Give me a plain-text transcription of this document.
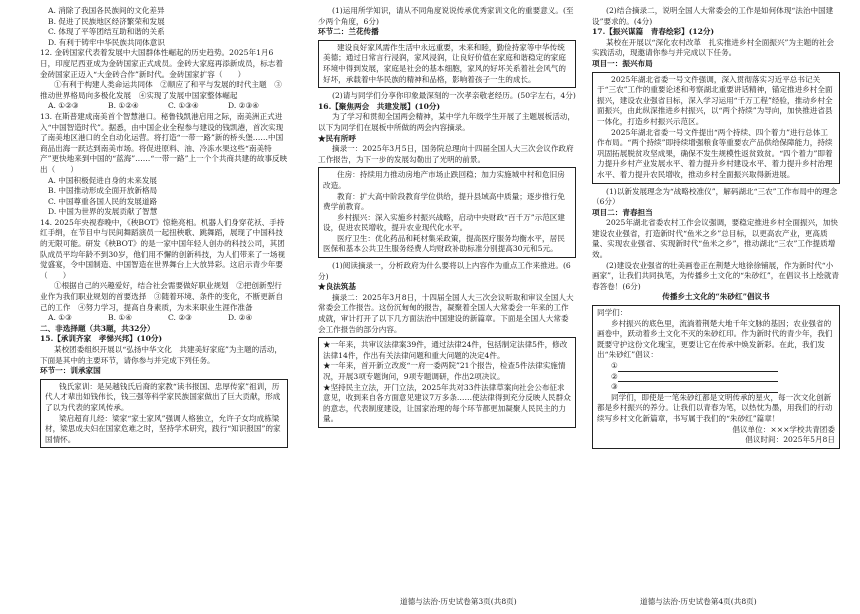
A. 消除了我国各民族间的文化差异

B. 促进了民族地区经济繁荣和发展

C. 体现了平等团结互助和谐的关系

D. 有利于铸牢中华民族共同体意识

12. 金砖国家代表着发展中大国群体性崛起的历史趋势。2025年1月6日，印度尼西亚成为金砖国家正式成员。金砖大家庭再添新成员，标志着金砖国家正迈入“大金砖合作”新时代。金砖国家扩容（　　）

①有利于构建人类命运共同体　②顺应了和平与发展的时代主题　③推动世界格局向多极化发展　④实现了发展中国家整体崛起

A. ①②③	B. ①②④	C. ①③④	D. ②③④

13. 在斯普建成南美首个智慧港口。秘鲁钱凯港启用之际，南美洲正式进入“中国智造时代”。据悉，由中国企业全程参与建设的钱凯港，首次实现了南美地区港口的全自动化运营。将打造“一带一路”新的桥头堡……中国商品出海一跃达到南美市场。将促进原料、油、冷冻水果这些“南美特产”更快地来到中国的“蓝海”……“一带一路”上一个个共商共建的故事反映出（　　）

A. 中国积极促进自身的未来发展

B. 中国推动形成全面开放新格局

C. 中国尊重各国人民的发展道路

D. 中国为世界的发展贡献了智慧

14. 2025年央视春晚中，《秧BOT》惊艳亮相。机器人们身穿花袄、手持红手绢，在节目中与民间舞蹈演员一起扭秧歌、跳舞蹈，展现了中国科技的无限可能。研发《秧BOT》的是一家中国年轻人创办的科技公司，其团队成员平均年龄不到30岁，他们用不懈的创新科技，为人们带来了一场视觉盛宴，令中国制造、中国智造在世界舞台上大放异彩。这启示青少年要（　　）

①根据自己的兴趣爱好，结合社会需要做好职业规划　②把创新型行业作为我们职业规划的首要选择　③随着环境、条件的变化，不断更新自己的工作　④努力学习，提高自身素质，为未来职业生涯作准备

A. ①③	B. ①④	C. ②③	D. ②④

二、非选择题（共3题，共32分）

15.【承训齐家　孝悌兴邦】(10分)

某校团委组织开展以“弘扬中华文化　共建美好家庭”为主题的活动，下面是其中的主要环节，请你参与并完成下列任务。

环节一：训承家国

钱氏家训：是吴越钱氏后裔的家教“读书报国、忠厚传家”祖训，历代人才辈出如钱伟长，钱三强等科学家民族国家做出了巨大贡献，形成了以为代表的家风传承。

梁启超育儿经：梁家“家士家风”强调人格独立，允许子女均成栋梁材，梁思成夫妇在国家危难之时，坚持学术研究，践行“知识报国”的家国情怀。

(1)运用所学知识，请从不同角度说说传承优秀家训文化的重要意义。(至少两个角度，6分)

环节二：兰花传播

建设良好家风需作生活中永远重要，未来和睦，勤俭持家等中华传统美德；通过日常言行浸润，家风浸润，让良好价值在家庭和谐稳定的家庭环境中得到发展，家庭是社会的基本细胞，家风的好坏关系着社会风气的好坏，承载着中华民族的精神和品格，影响着孩子一生的成长。

(2)请与同学们分享你印象最深刻的一次孝亲敬老经历。(50字左右，4分)

16.【聚焦两会　共建发展】(10分)

为了学习和贯彻全国两会精神，某中学九年级学生开展了主题展板活动，以下为同学们在展板中所做的两会内容摘录。

★民有所呼

摘录一：2025年3月5日，国务院总理向十四届全国人大三次会议作政府工作报告，为下一步的发展勾勒出了光明的前景。

住房：持续用力推动房地产市场止跌回稳；加力实施城中村和危旧房改造。

教育：扩大高中阶段教育学位供给，提升县域高中质量；逐步推行免费学前教育。

乡村振兴：深入实施乡村振兴战略，启动中央财政“百千万”示范区建设，促进农民增收，提升农业现代化水平。

医疗卫生：优化药品和耗材集采政策，提高医疗服务均衡水平，居民医保和基本公共卫生服务经费人均财政补助标准分别提高30元和5元。

(1)阅读摘录一，分析政府为什么要将以上内容作为重点工作来推进。(6分)

★良法筑基

摘录二：2025年3月8日，十四届全国人大三次会议听取和审议全国人大常委会工作报告。这份沉甸甸的报告，凝聚着全国人大常委会一年来的工作成就，审计打开了以下几方面法治中国建设的新篇章。下面是全国人大常委会工作报告的部分内容。

★一年来，共审议法律案39件，通过法律24件，包括制定法律5件，修改法律14件，作出有关法律问题和重大问题的决定4件。

★一年来，首开新立改废“一府一委两院”21个报告，检查5件法律实施情况，开展3项专题询问，9项专题调研，作出2项决议。

★坚持民主立法，开门立法，2025年共对33件法律草案向社会公布征求意见，收到来自各方面意见建议7万多条……使法律得到充分反映人民群众的意志，代表制度建设，让国家治理的每个环节都更加凝聚人民民主的力量。

(2)结合摘录二，说明全国人大常委会的工作是如何体现“法治中国建设”要求的。(4分)

17.【振兴谋篇　青春绘彩】(12分)

某校在开展以“深化农村改革　扎实推进乡村全面振兴”为主题的社会实践活动，现邀请你参与并完成以下任务。

项目一：振兴布局

2025年湖北省委一号文件强调，深入贯彻落实习近平总书记关于“三农”工作的重要论述和考察湖北重要讲话精神，锚定推进乡村全面振兴，建设农业强省目标，深入学习运用“千万工程”经验，推动乡村全面振兴，由此纵深推进乡村振兴，以“两个持续”为导向，加快推进省县一体化，打造乡村振兴示范区。

2025年湖北省委一号文件提出“两个持续、四个着力”进行总体工作布局。“两个持续”即持续增强粮食等重要农产品供给保障能力，持续巩固拓展脱贫攻坚成果，确保不发生规模性返贫致贫。“四个着力”即着力提升乡村产业发展水平、着力提升乡村建设水平、着力提升乡村治理水平、着力提升农民增收，推动乡村全面振兴取得新进展。

(1)以新发展理念为“战略校准仪”，解码湖北“三农”工作布局中的理念（6分）

项目二：青春担当

2025年湖北省委农村工作会议强调，要稳定推进乡村全面振兴，加快建设农业强省，打造新时代“鱼米之乡”总目标，以更高农产业，更高质量、实现农业强省、实现新时代“鱼米之乡”，推动湖北“三农”工作提质增效。

(2)建设农业强省的壮美画卷正在荆楚大地徐徐铺展，作为新时代“小画家”，让我们共同执笔，为传播乡土文化的“朱砂红”，在倡议书上绘就青春答卷！(6分)

传播乡土文化的“朱砂红”倡议书

同学们：

乡村振兴的底色里，流淌着荆楚大地千年文脉的基因；农业强省的画卷中，跃动着乡土文化不灭的朱砂红印。作为新时代的青少年，我们既要守护这份文化瑰宝，更要让它在传承中焕发新彩。在此，我们发出“朱砂红”倡议：

①

②

③

同学们，即使是一笔朱砂红都是文明传承的星火，每一次文化创新都是乡村振兴的养分。让我们以青春为笔，以热忱为墨，用我们的行动续写乡村文化新篇章，书写属于我们的“朱砂红”篇章！

倡议单位：×××学校共青团委

倡议时间：2025年5月8日

道德与法治·历史试卷第3页(共8页)	道德与法治·历史试卷第4页(共8页)
